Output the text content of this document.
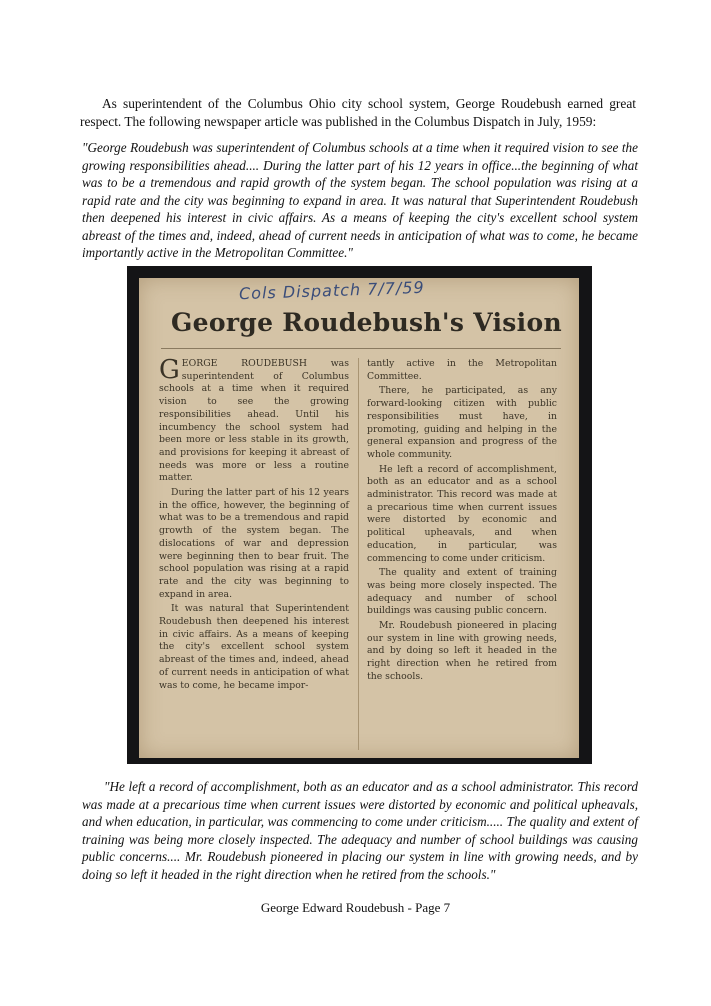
As superintendent of the Columbus Ohio city school system, George Roudebush earned great respect. The following newspaper article was published in the Columbus Dispatch in July, 1959:

"George Roudebush was superintendent of Columbus schools at a time when it required vision to see the growing responsibilities ahead.... During the latter part of his 12 years in office...the beginning of what was to be a tremendous and rapid growth of the system began. The school population was rising at a rapid rate and the city was beginning to expand in area. It was natural that Superintendent Roudebush then deepened his interest in civic affairs. As a means of keeping the city's excellent school system abreast of the times and, indeed, ahead of current needs in anticipation of what was to come, he became importantly active in the Metropolitan Committee."

Cols Dispatch 7/7/59

George Roudebush's Vision

GEORGE ROUDEBUSH was superintendent of Columbus schools at a time when it required vision to see the growing responsibilities ahead. Until his incumbency the school system had been more or less stable in its growth, and provisions for keeping it abreast of needs was more or less a routine matter.

During the latter part of his 12 years in the office, however, the beginning of what was to be a tremendous and rapid growth of the system began. The dislocations of war and depression were beginning then to bear fruit. The school population was rising at a rapid rate and the city was beginning to expand in area.

It was natural that Superintendent Roudebush then deepened his interest in civic affairs. As a means of keeping the city's excellent school system abreast of the times and, indeed, ahead of current needs in anticipation of what was to come, he became impor-

tantly active in the Metropolitan Committee.

There, he participated, as any forward-looking citizen with public responsibilities must have, in promoting, guiding and helping in the general expansion and progress of the whole community.

He left a record of accomplishment, both as an educator and as a school administrator. This record was made at a precarious time when current issues were distorted by economic and political upheavals, and when education, in particular, was commencing to come under criticism.

The quality and extent of training was being more closely inspected. The adequacy and number of school buildings was causing public concern.

Mr. Roudebush pioneered in placing our system in line with growing needs, and by doing so left it headed in the right direction when he retired from the schools.

"He left a record of accomplishment, both as an educator and as a school administrator. This record was made at a precarious time when current issues were distorted by economic and political upheavals, and when education, in particular, was commencing to come under criticism..... The quality and extent of training was being more closely inspected. The adequacy and number of school buildings was causing public concerns.... Mr. Roudebush pioneered in placing our system in line with growing needs, and by doing so left it headed in the right direction when he retired from the schools."

George Edward Roudebush - Page 7
